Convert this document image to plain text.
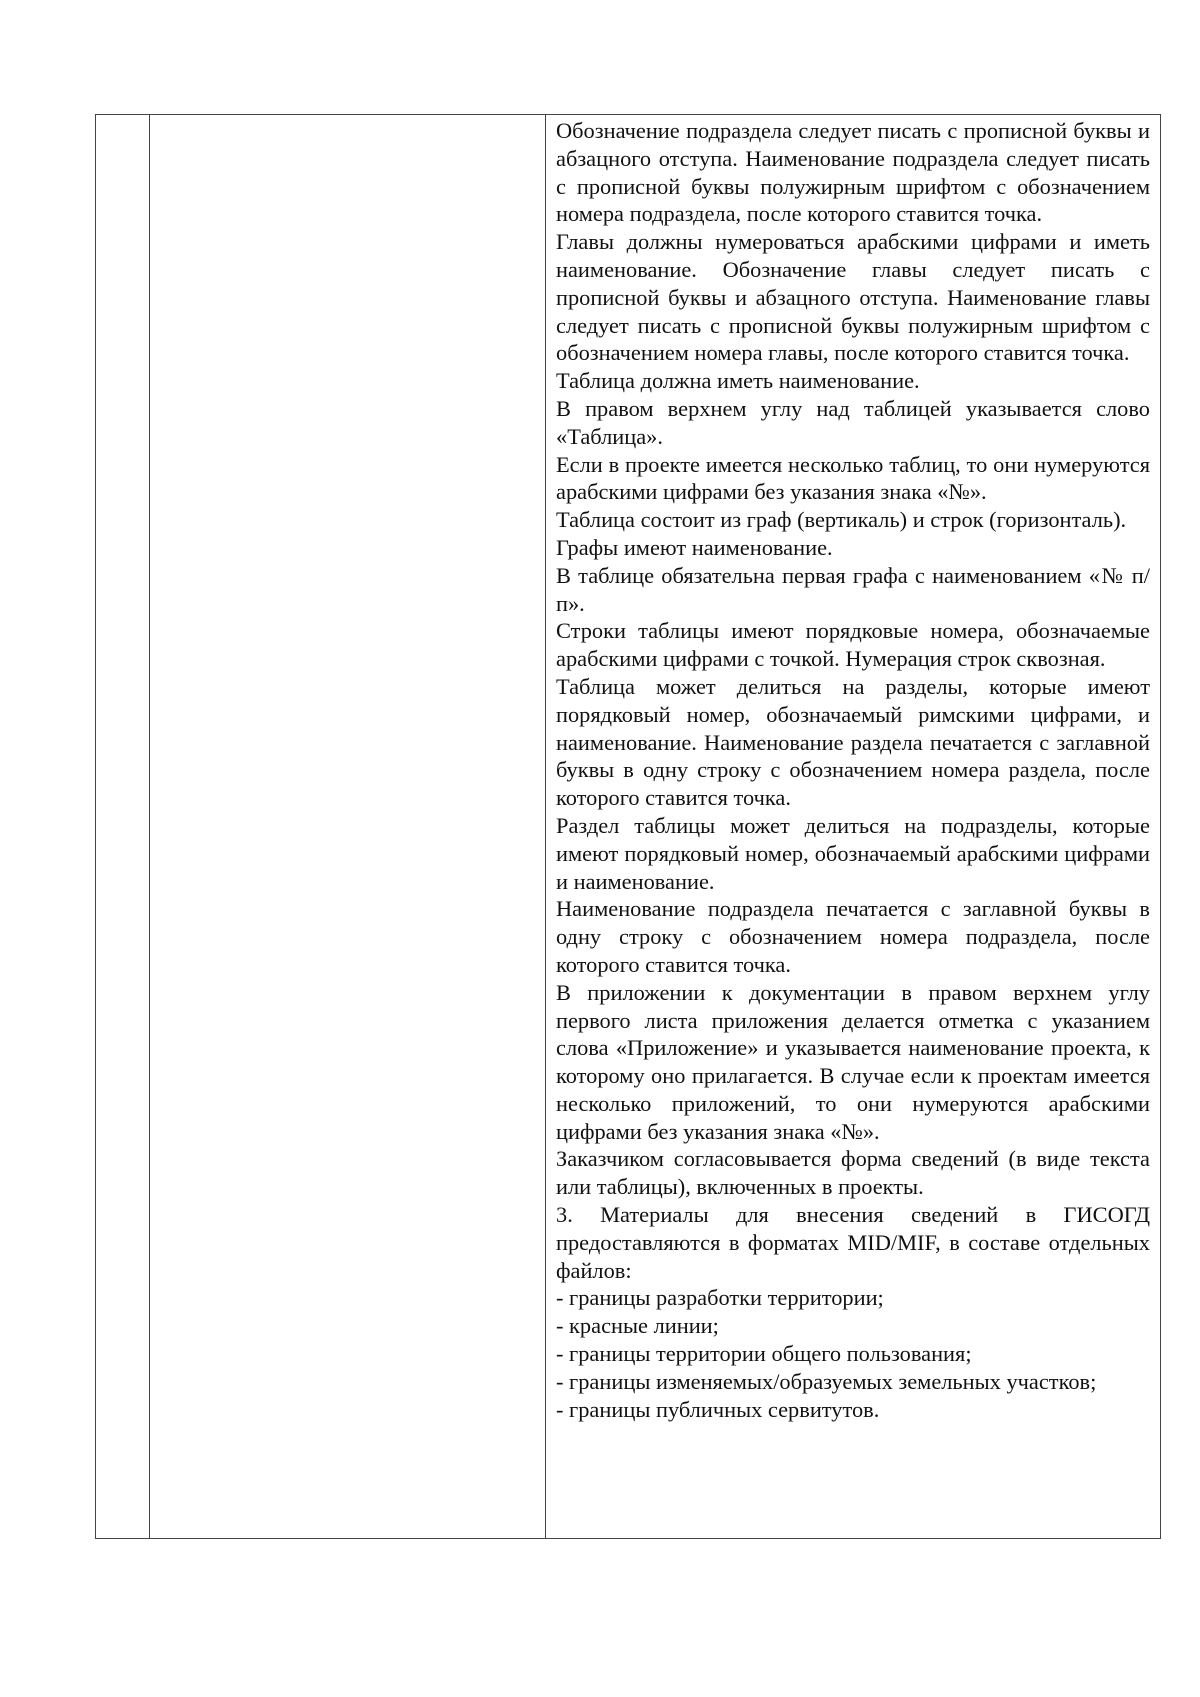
Обозначение подраздела следует писать с прописной буквы и абзацного отступа. Наименование подраздела следует писать с прописной буквы полужирным шрифтом с обозначением номера подраздела, после которого ставится точка.

Главы должны нумероваться арабскими цифрами и иметь наименование. Обозначение главы следует писать с прописной буквы и абзацного отступа. Наименование главы следует писать с прописной буквы полужирным шрифтом с обозначением номера главы, после которого ставится точка.

Таблица должна иметь наименование.

В правом верхнем углу над таблицей указывается слово «Таблица».

Если в проекте имеется несколько таблиц, то они нумеруются арабскими цифрами без указания знака «№».

Таблица состоит из граф (вертикаль) и строк (горизонталь).

Графы имеют наименование.

В таблице обязательна первая графа с наименованием «№ п/п».

Строки таблицы имеют порядковые номера, обозначаемые арабскими цифрами с точкой. Нумерация строк сквозная.

Таблица может делиться на разделы, которые имеют порядковый номер, обозначаемый римскими цифрами, и наименование. Наименование раздела печатается с заглавной буквы в одну строку с обозначением номера раздела, после которого ставится точка.

Раздел таблицы может делиться на подразделы, которые имеют порядковый номер, обозначаемый арабскими цифрами и наименование.

Наименование подраздела печатается с заглавной буквы в одну строку с обозначением номера подраздела, после которого ставится точка.

В приложении к документации в правом верхнем углу первого листа приложения делается отметка с указанием слова «Приложение» и указывается наименование проекта, к которому оно прилагается. В случае если к проектам имеется несколько приложений, то они нумеруются арабскими цифрами без указания знака «№».

Заказчиком согласовывается форма сведений (в виде текста или таблицы), включенных в проекты.

3. Материалы для внесения сведений в ГИСОГД предоставляются в форматах MID/MIF, в составе отдельных файлов:

- границы разработки территории;

- красные линии;

- границы территории общего пользования;

- границы изменяемых/образуемых земельных участков;

- границы публичных сервитутов.
